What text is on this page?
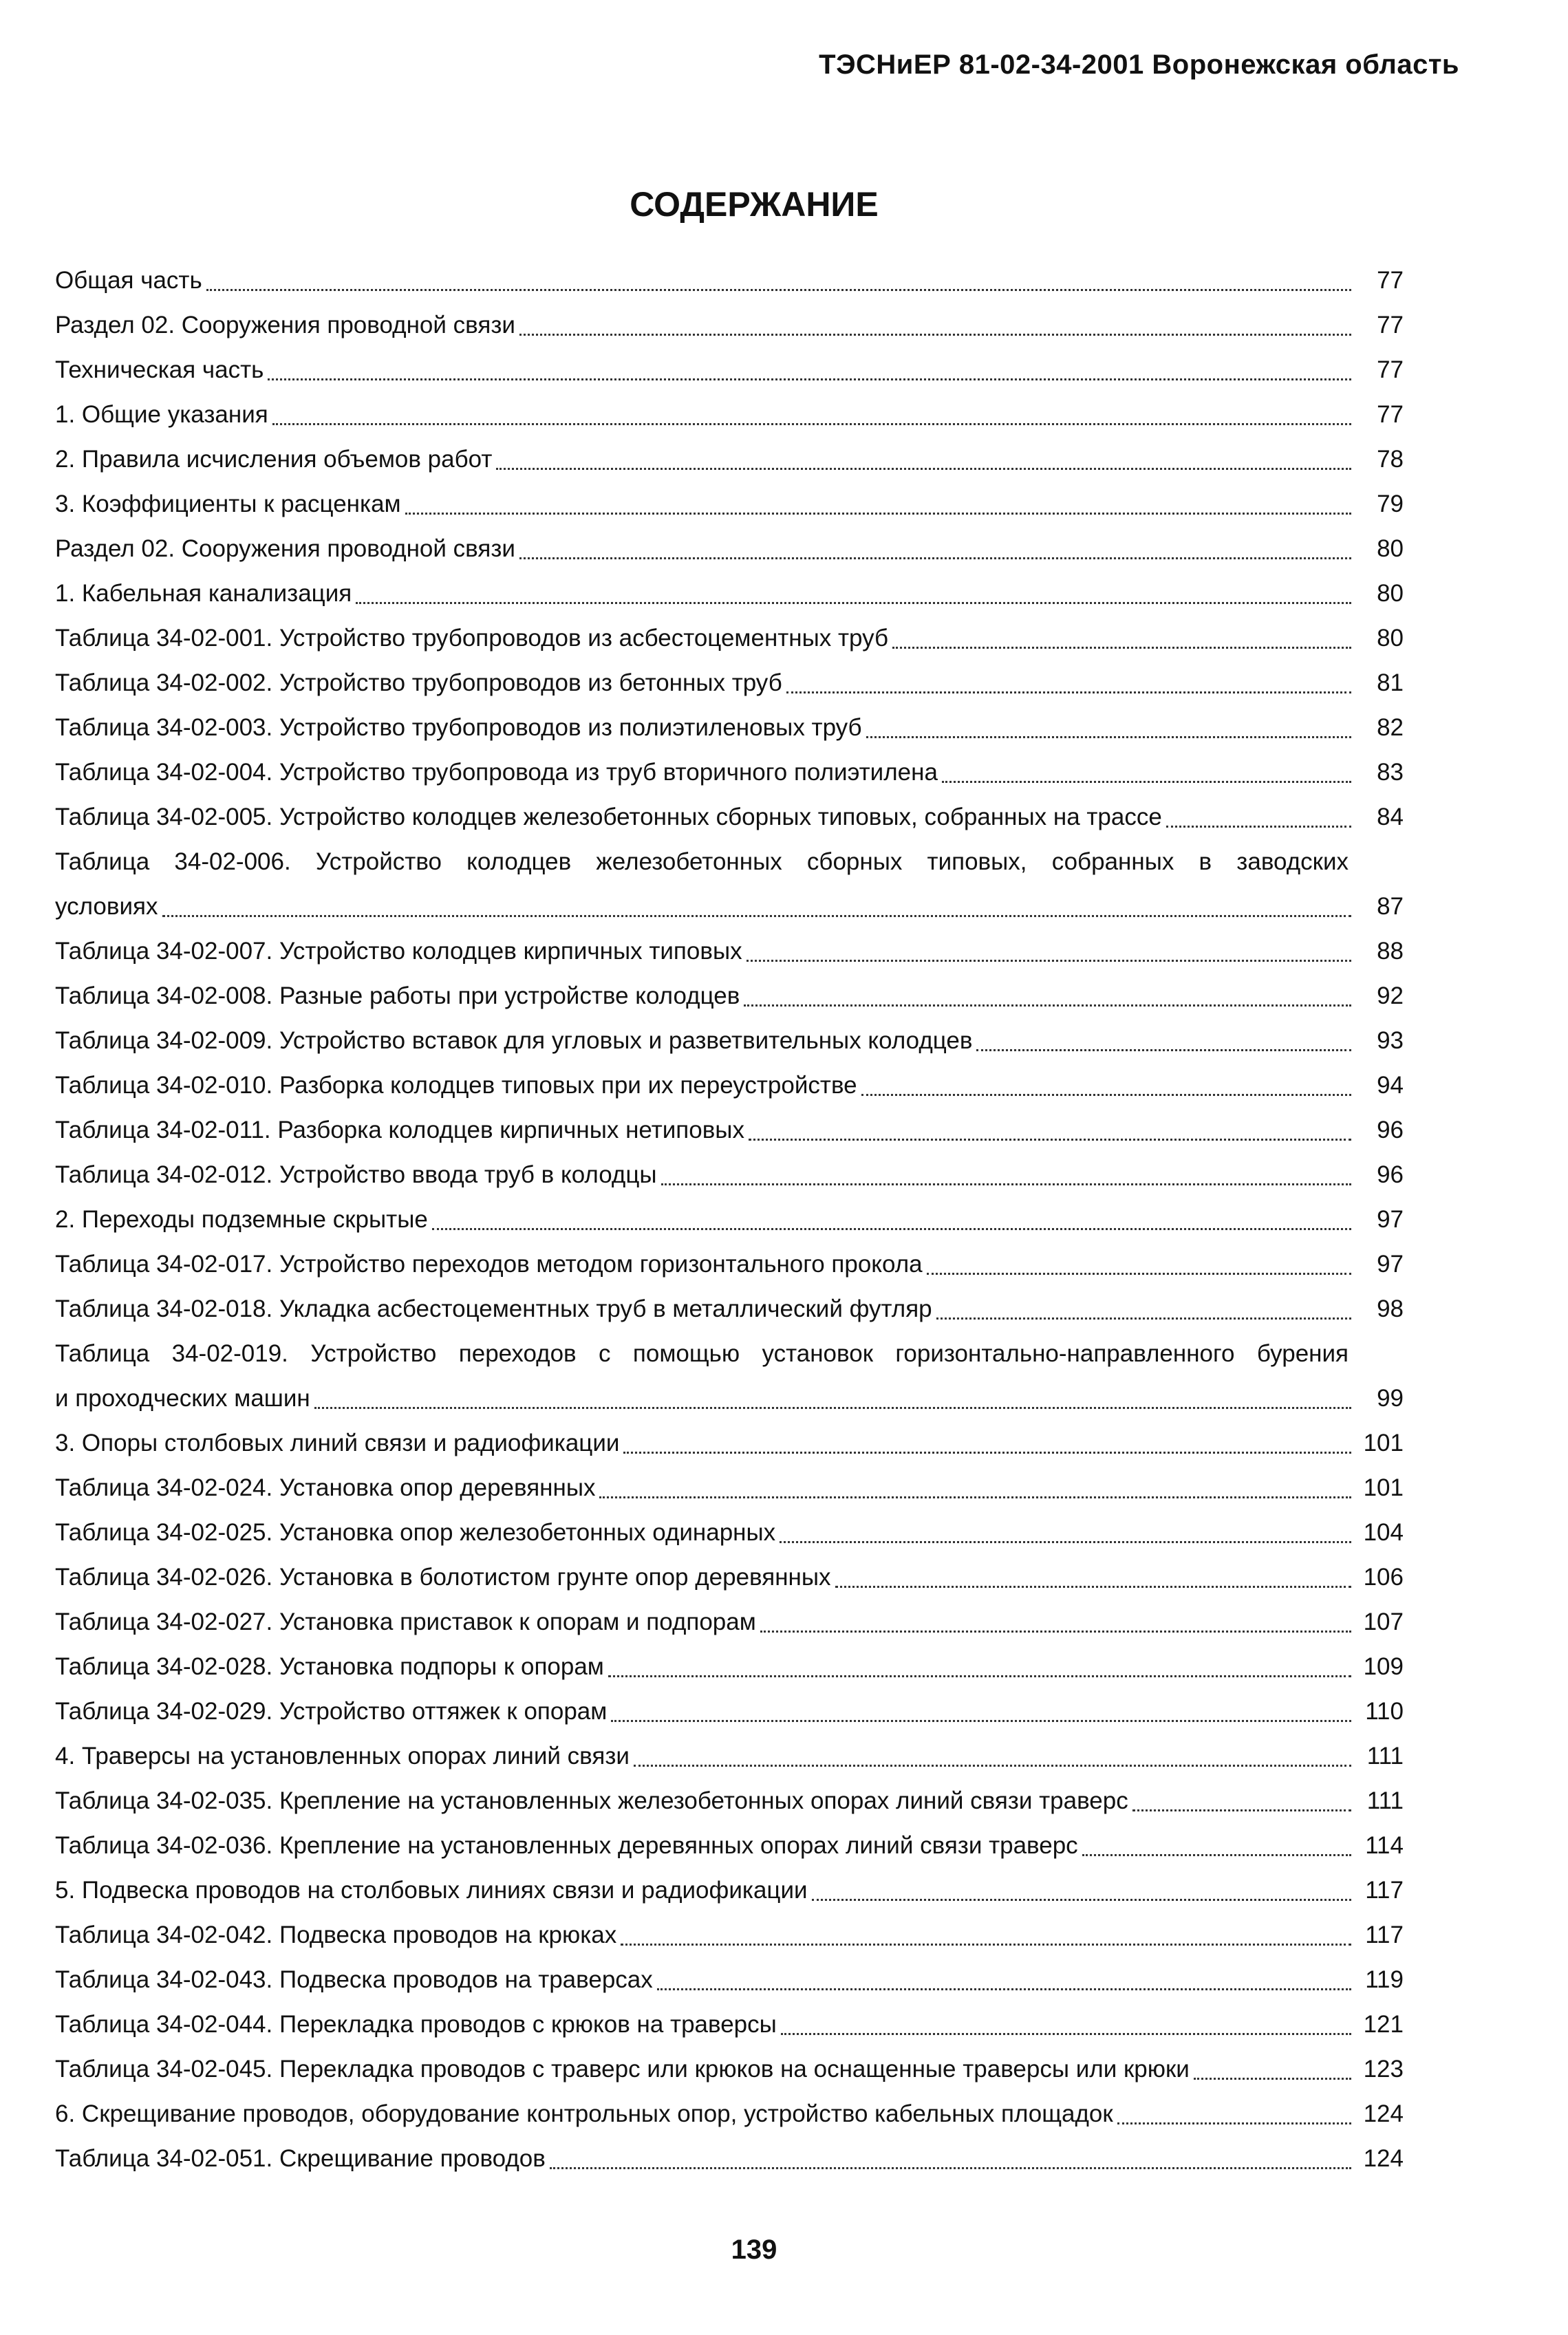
ТЭСНиЕР 81-02-34-2001 Воронежская область
СОДЕРЖАНИЕ
Общая часть	77
Раздел 02. Сооружения проводной связи	77
Техническая часть	77
1. Общие указания	77
2. Правила исчисления объемов работ	78
3. Коэффициенты к расценкам	79
Раздел 02. Сооружения проводной связи	80
1. Кабельная канализация	80
Таблица 34-02-001. Устройство трубопроводов из асбестоцементных труб	80
Таблица 34-02-002. Устройство трубопроводов из бетонных труб	81
Таблица 34-02-003. Устройство трубопроводов из полиэтиленовых труб	82
Таблица 34-02-004. Устройство трубопровода из труб вторичного полиэтилена	83
Таблица 34-02-005. Устройство колодцев железобетонных сборных типовых, собранных на трассе	84
Таблица 34-02-006. Устройство колодцев железобетонных сборных типовых, собранных в заводских
условиях	87
Таблица 34-02-007. Устройство колодцев кирпичных типовых	88
Таблица 34-02-008. Разные работы при устройстве колодцев	92
Таблица 34-02-009. Устройство вставок для угловых и разветвительных колодцев	93
Таблица 34-02-010. Разборка колодцев типовых при их переустройстве	94
Таблица 34-02-011. Разборка колодцев кирпичных нетиповых	96
Таблица 34-02-012. Устройство ввода труб в колодцы	96
2. Переходы подземные скрытые	97
Таблица 34-02-017. Устройство переходов методом горизонтального прокола	97
Таблица 34-02-018. Укладка асбестоцементных труб в металлический футляр	98
Таблица 34-02-019. Устройство переходов с помощью установок горизонтально-направленного бурения
и проходческих машин	99
3. Опоры столбовых линий связи и радиофикации	101
Таблица 34-02-024. Установка опор деревянных	101
Таблица 34-02-025. Установка опор железобетонных одинарных	104
Таблица 34-02-026. Установка в болотистом грунте опор деревянных	106
Таблица 34-02-027. Установка приставок к опорам и подпорам	107
Таблица 34-02-028. Установка подпоры к опорам	109
Таблица 34-02-029. Устройство оттяжек к опорам	110
4. Траверсы на установленных опорах линий связи	111
Таблица 34-02-035. Крепление на установленных железобетонных опорах линий связи траверс	111
Таблица 34-02-036. Крепление на установленных деревянных опорах линий связи траверс	114
5. Подвеска проводов на столбовых линиях связи и радиофикации	117
Таблица 34-02-042. Подвеска проводов на крюках	117
Таблица 34-02-043. Подвеска проводов на траверсах	119
Таблица 34-02-044. Перекладка проводов с крюков на траверсы	121
Таблица 34-02-045. Перекладка проводов с траверс или крюков на оснащенные траверсы или крюки	123
6. Скрещивание проводов, оборудование контрольных опор, устройство кабельных площадок	124
Таблица 34-02-051. Скрещивание проводов	124
139
